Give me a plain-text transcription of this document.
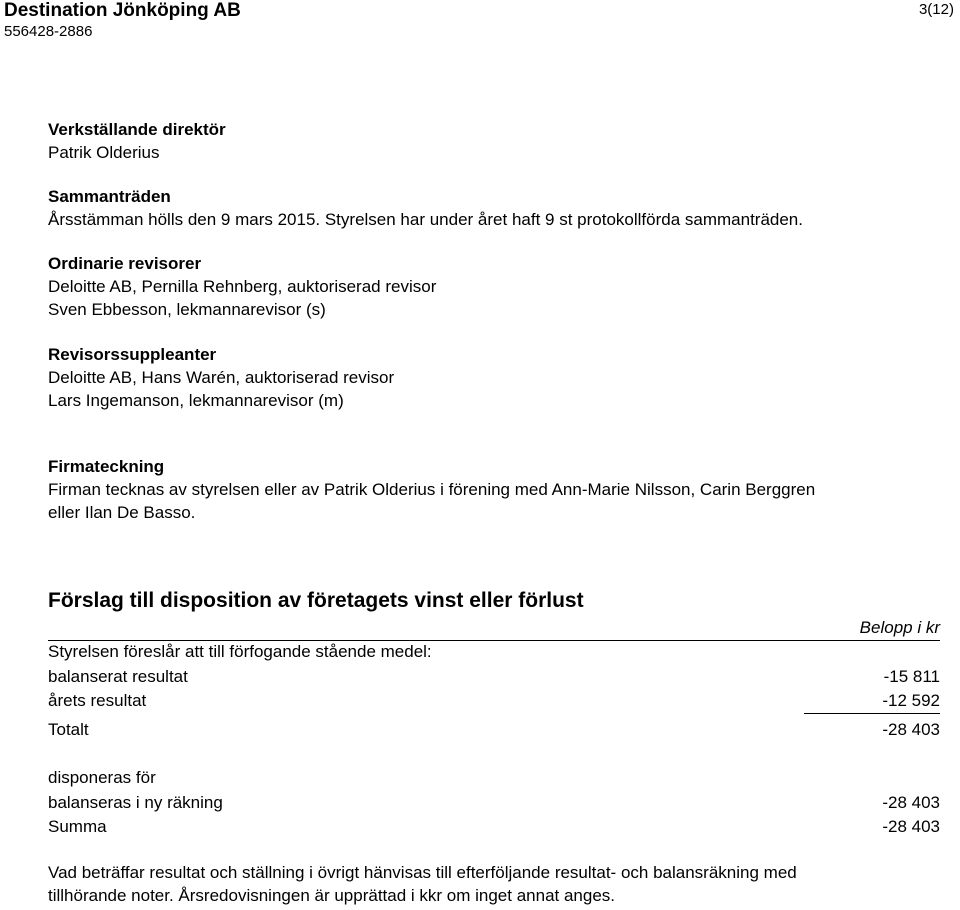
Destination Jönköping AB
556428-2886
3(12)
Verkställande direktör
Patrik Olderius
Sammanträden
Årsstämman hölls den 9 mars 2015. Styrelsen har under året haft 9 st protokollförda sammanträden.
Ordinarie revisorer
Deloitte AB, Pernilla Rehnberg, auktoriserad revisor
Sven Ebbesson, lekmannarevisor (s)
Revisorssuppleanter
Deloitte AB, Hans Warén, auktoriserad revisor
Lars Ingemanson, lekmannarevisor (m)
Firmateckning
Firman tecknas av styrelsen eller av Patrik Olderius i förening med Ann-Marie Nilsson, Carin Berggren
eller Ilan De Basso.
Förslag till disposition av företagets vinst eller förlust
Belopp i kr
Styrelsen föreslår att till förfogande stående medel:
balanserat resultat	-15 811
årets resultat	-12 592
Totalt	-28 403
disponeras för
balanseras i ny räkning	-28 403
Summa	-28 403
Vad beträffar resultat och ställning i övrigt hänvisas till efterföljande resultat- och balansräkning med
tillhörande noter. Årsredovisningen är upprättad i kkr om inget annat anges.
